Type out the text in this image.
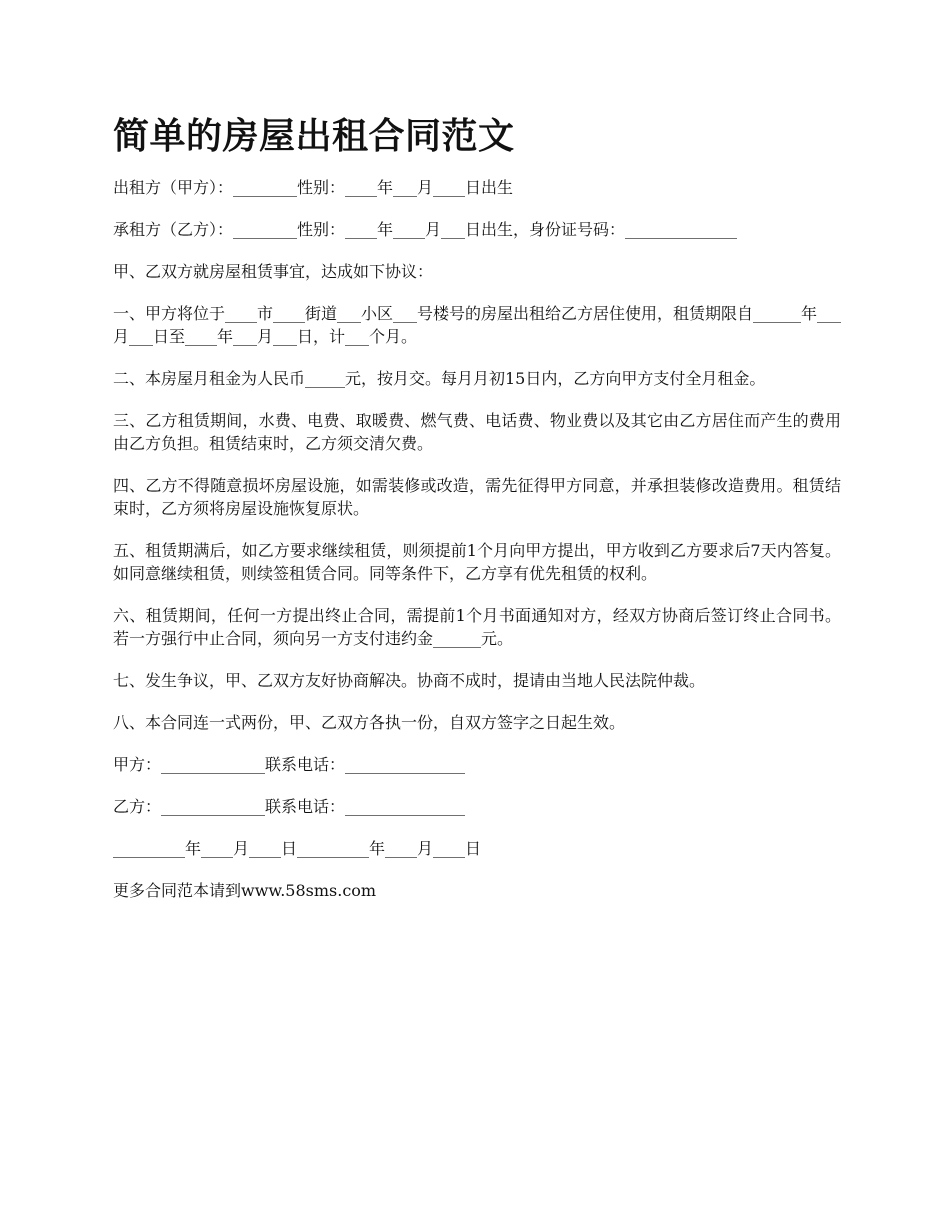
简单的房屋出租合同范文

出租方（甲方）：________性别：____年___月____日出生

承租方（乙方）：________性别：____年____月___日出生，身份证号码：______________

甲、乙双方就房屋租赁事宜，达成如下协议：

一、甲方将位于____市____街道___小区___号楼号的房屋出租给乙方居住使用，租赁期限自______年___月___日至____年___月___日，计___个月。

二、本房屋月租金为人民币_____元，按月交。每月月初15日内，乙方向甲方支付全月租金。

三、乙方租赁期间，水费、电费、取暖费、燃气费、电话费、物业费以及其它由乙方居住而产生的费用由乙方负担。租赁结束时，乙方须交清欠费。

四、乙方不得随意损坏房屋设施，如需装修或改造，需先征得甲方同意，并承担装修改造费用。租赁结束时，乙方须将房屋设施恢复原状。

五、租赁期满后，如乙方要求继续租赁，则须提前1个月向甲方提出，甲方收到乙方要求后7天内答复。如同意继续租赁，则续签租赁合同。同等条件下，乙方享有优先租赁的权利。

六、租赁期间，任何一方提出终止合同，需提前1个月书面通知对方，经双方协商后签订终止合同书。若一方强行中止合同，须向另一方支付违约金______元。

七、发生争议，甲、乙双方友好协商解决。协商不成时，提请由当地人民法院仲裁。

八、本合同连一式两份，甲、乙双方各执一份，自双方签字之日起生效。

甲方：_____________联系电话：_______________

乙方：_____________联系电话：_______________

_________年____月____日_________年____月____日

更多合同范本请到www.58sms.com
